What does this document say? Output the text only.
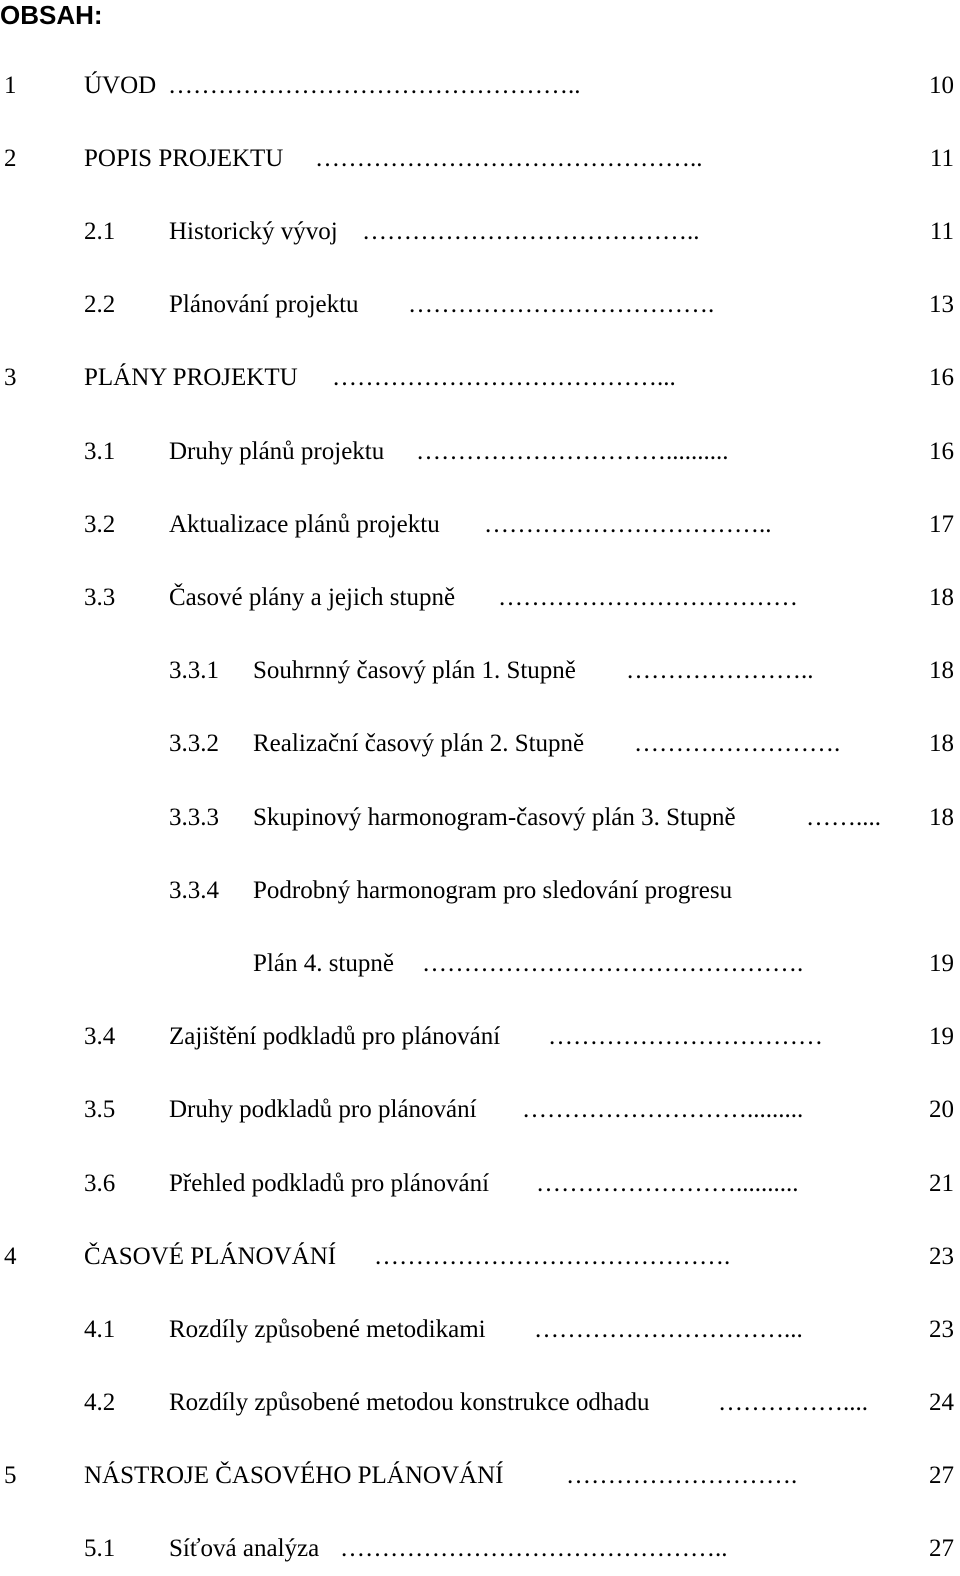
OBSAH:
1	ÚVOD …………………………………………..	10
2	POPIS PROJEKTU ………………………………………..	11
2.1 Historický vývoj …………………………………..	11
2.2 Plánování projektu ……………………………….	13
3	PLÁNY PROJEKTU …………………………………...	16
3.1 Druhy plánů projektu …………………………..........	16
3.2 Aktualizace plánů projektu ……………………………..	17
3.3 Časové plány a jejich stupně ………………………………	18
3.3.1 Souhrnný časový plán 1. Stupně …………………..	18
3.3.2 Realizační časový plán 2. Stupně …………………….	18
3.3.3 Skupinový harmonogram-časový plán 3. Stupně	……....	18
3.3.4 Podrobný harmonogram pro sledování progresu
Plán 4. stupně ……………………………………….	19
3.4 Zajištění podkladů pro plánování ……………………………	19
3.5 Druhy podkladů pro plánování ……………………….........	20
3.6 Přehled podkladů pro plánování ……………………..........	21
4	ČASOVÉ PLÁNOVÁNÍ …………………………………….	23
4.1 Rozdíly způsobené metodikami …………………………...	23
4.2 Rozdíly způsobené metodou konstrukce odhadu	……………....	24
5	NÁSTROJE ČASOVÉHO PLÁNOVÁNÍ	……………………….	27
5.1 Síťová analýza ………………………………………..	27
